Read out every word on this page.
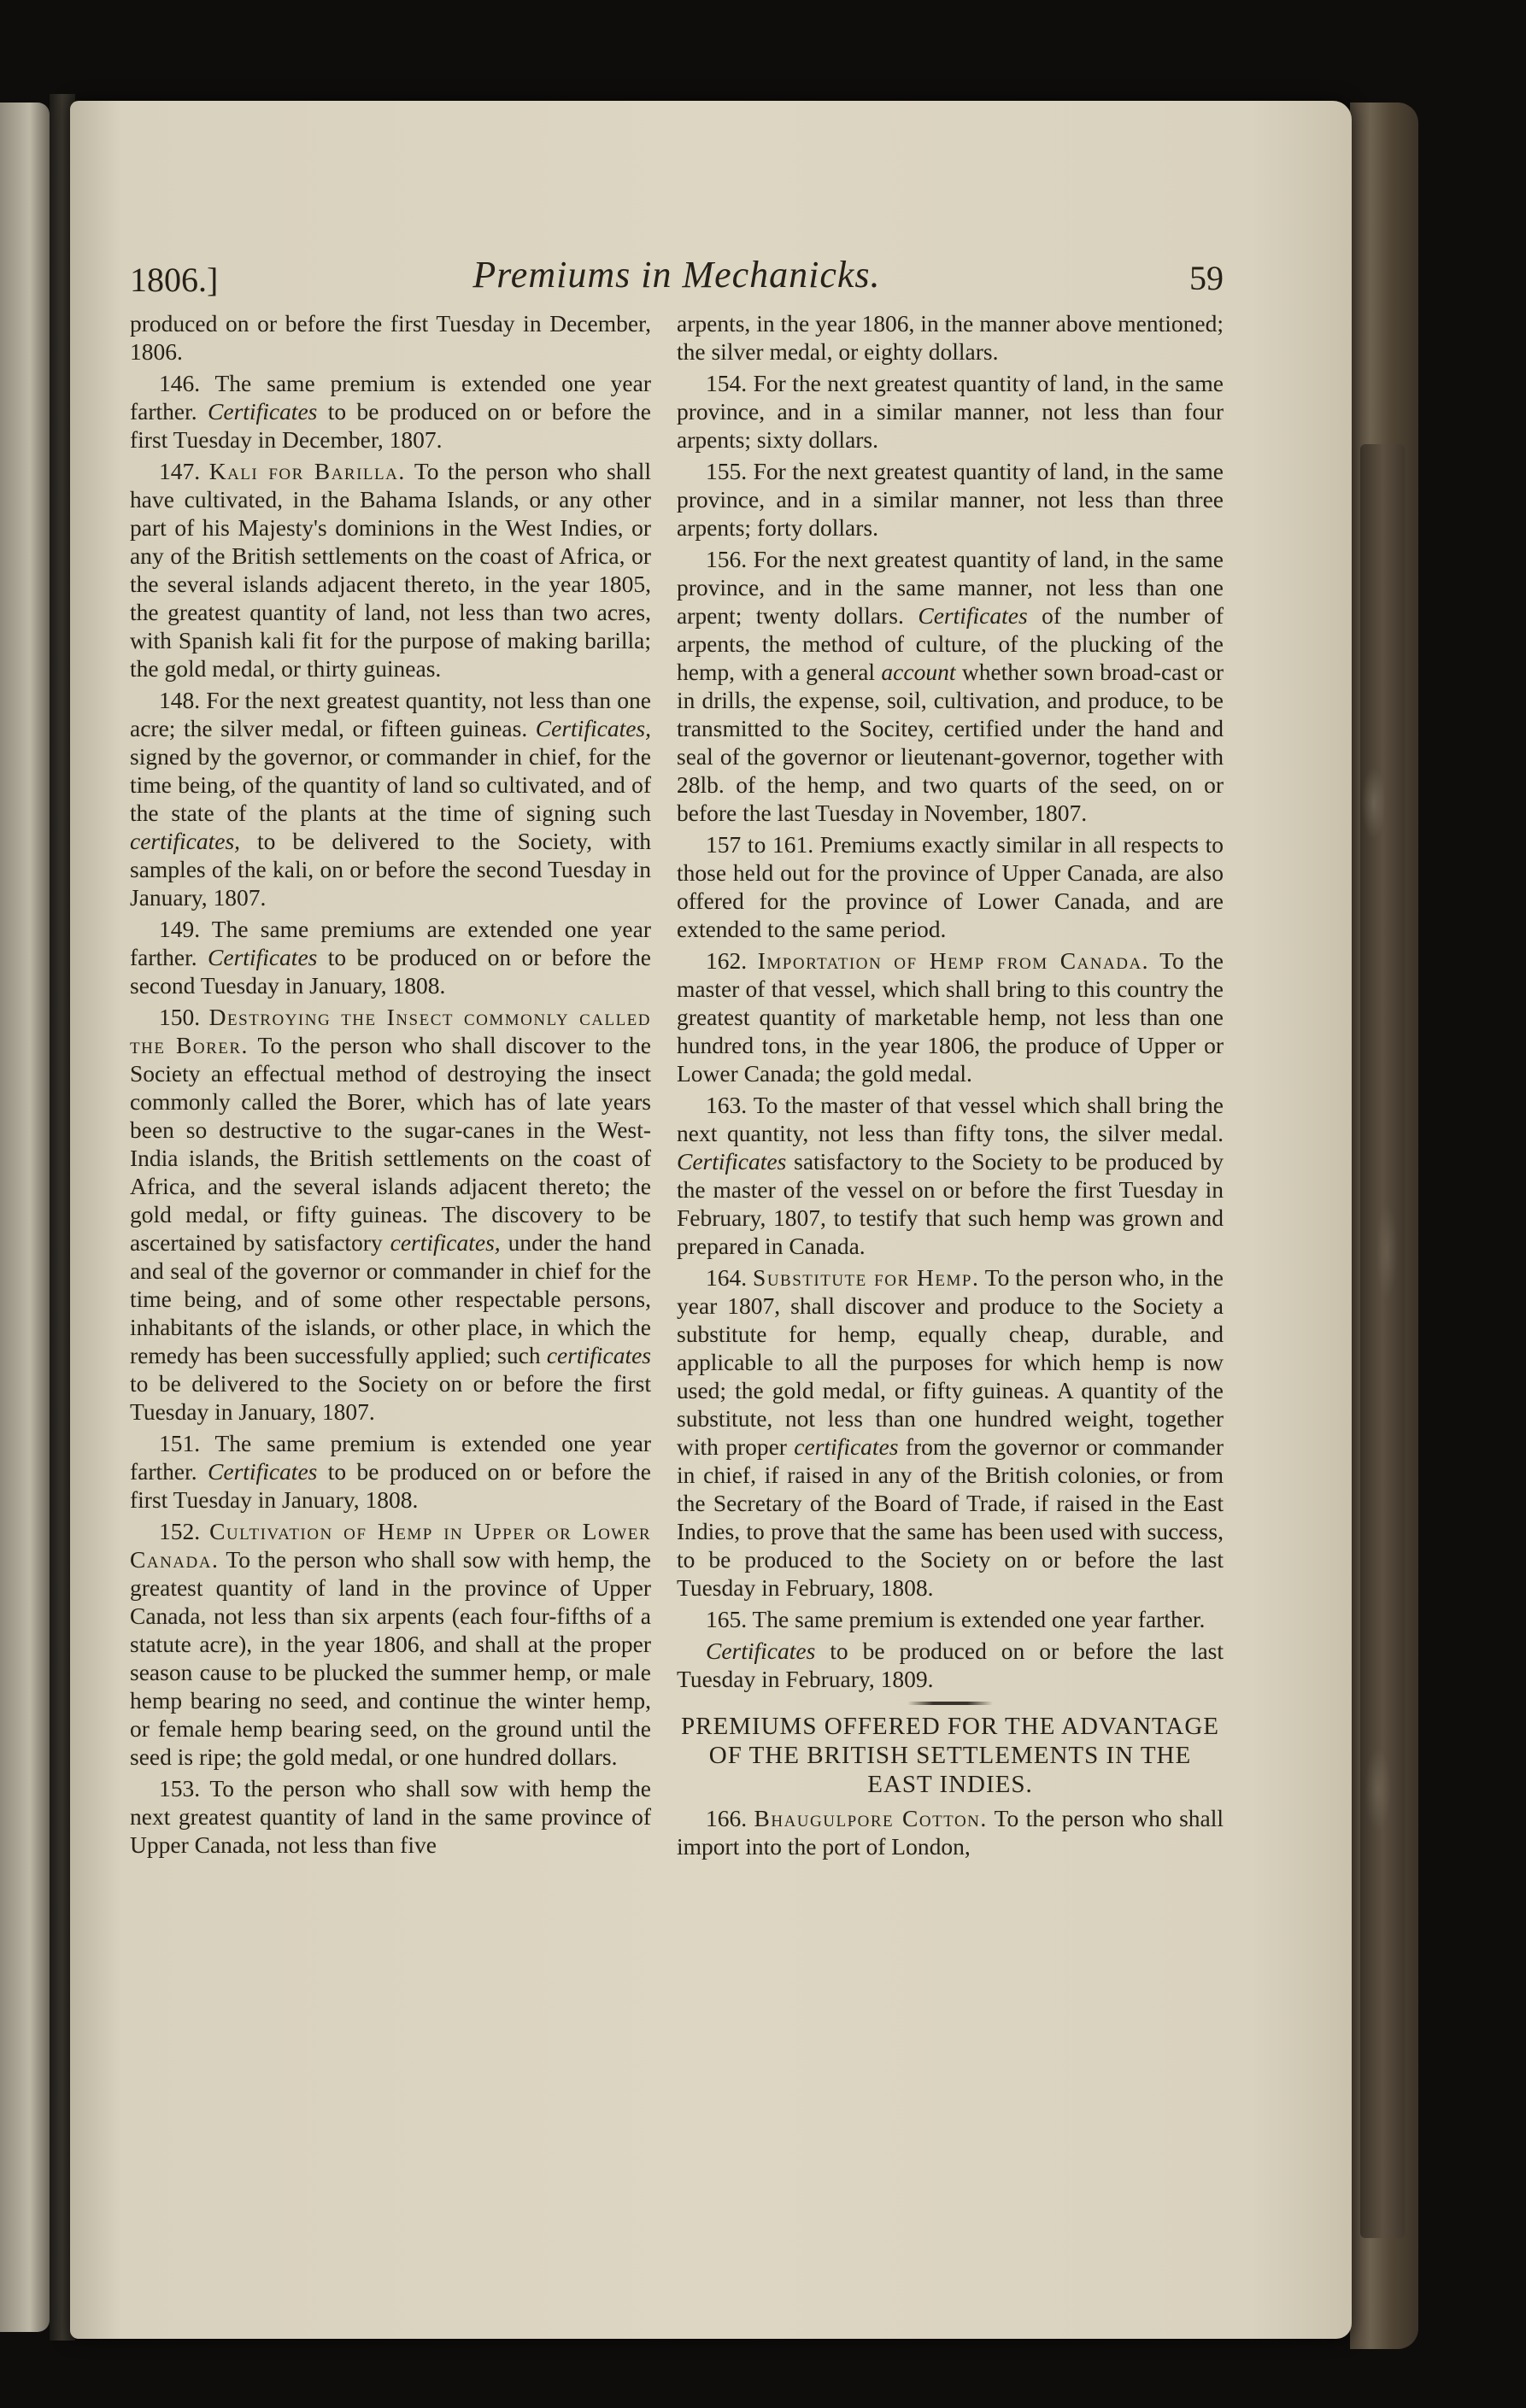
1806.]	Premiums in Mechanicks.	59

produced on or before the first Tuesday in December, 1806.

146. The same premium is extended one year farther. Certificates to be produced on or before the first Tuesday in December, 1807.

147. Kali for Barilla. To the person who shall have cultivated, in the Bahama Islands, or any other part of his Majesty's dominions in the West Indies, or any of the British settlements on the coast of Africa, or the several islands adjacent thereto, in the year 1805, the greatest quantity of land, not less than two acres, with Spanish kali fit for the purpose of making barilla; the gold medal, or thirty guineas.

148. For the next greatest quantity, not less than one acre; the silver medal, or fifteen guineas. Certificates, signed by the governor, or commander in chief, for the time being, of the quantity of land so cultivated, and of the state of the plants at the time of signing such certificates, to be delivered to the Society, with samples of the kali, on or before the second Tuesday in January, 1807.

149. The same premiums are extended one year farther. Certificates to be produced on or before the second Tuesday in January, 1808.

150. Destroying the Insect commonly called the Borer. To the person who shall discover to the Society an effectual method of destroying the insect commonly called the Borer, which has of late years been so destructive to the sugar-canes in the West-India islands, the British settlements on the coast of Africa, and the several islands adjacent thereto; the gold medal, or fifty guineas. The discovery to be ascertained by satisfactory certificates, under the hand and seal of the governor or commander in chief for the time being, and of some other respectable persons, inhabitants of the islands, or other place, in which the remedy has been successfully applied; such certificates to be delivered to the Society on or before the first Tuesday in January, 1807.

151. The same premium is extended one year farther. Certificates to be produced on or before the first Tuesday in January, 1808.

152. Cultivation of Hemp in Upper or Lower Canada. To the person who shall sow with hemp, the greatest quantity of land in the province of Upper Canada, not less than six arpents (each four-fifths of a statute acre), in the year 1806, and shall at the proper season cause to be plucked the summer hemp, or male hemp bearing no seed, and continue the winter hemp, or female hemp bearing seed, on the ground until the seed is ripe; the gold medal, or one hundred dollars.

153. To the person who shall sow with hemp the next greatest quantity of land in the same province of Upper Canada, not less than five

arpents, in the year 1806, in the manner above mentioned; the silver medal, or eighty dollars.

154. For the next greatest quantity of land, in the same province, and in a similar manner, not less than four arpents; sixty dollars.

155. For the next greatest quantity of land, in the same province, and in a similar manner, not less than three arpents; forty dollars.

156. For the next greatest quantity of land, in the same province, and in the same manner, not less than one arpent; twenty dollars. Certificates of the number of arpents, the method of culture, of the plucking of the hemp, with a general account whether sown broad-cast or in drills, the expense, soil, cultivation, and produce, to be transmitted to the Socitey, certified under the hand and seal of the governor or lieutenant-governor, together with 28lb. of the hemp, and two quarts of the seed, on or before the last Tuesday in November, 1807.

157 to 161. Premiums exactly similar in all respects to those held out for the province of Upper Canada, are also offered for the province of Lower Canada, and are extended to the same period.

162. Importation of Hemp from Canada. To the master of that vessel, which shall bring to this country the greatest quantity of marketable hemp, not less than one hundred tons, in the year 1806, the produce of Upper or Lower Canada; the gold medal.

163. To the master of that vessel which shall bring the next quantity, not less than fifty tons, the silver medal. Certificates satisfactory to the Society to be produced by the master of the vessel on or before the first Tuesday in February, 1807, to testify that such hemp was grown and prepared in Canada.

164. Substitute for Hemp. To the person who, in the year 1807, shall discover and produce to the Society a substitute for hemp, equally cheap, durable, and applicable to all the purposes for which hemp is now used; the gold medal, or fifty guineas. A quantity of the substitute, not less than one hundred weight, together with proper certificates from the governor or commander in chief, if raised in any of the British colonies, or from the Secretary of the Board of Trade, if raised in the East Indies, to prove that the same has been used with success, to be produced to the Society on or before the last Tuesday in February, 1808.

165. The same premium is extended one year farther.

Certificates to be produced on or before the last Tuesday in February, 1809.

PREMIUMS OFFERED FOR THE ADVANTAGE OF THE BRITISH SETTLEMENTS IN THE EAST INDIES.

166. Bhaugulpore Cotton. To the person who shall import into the port of London,
